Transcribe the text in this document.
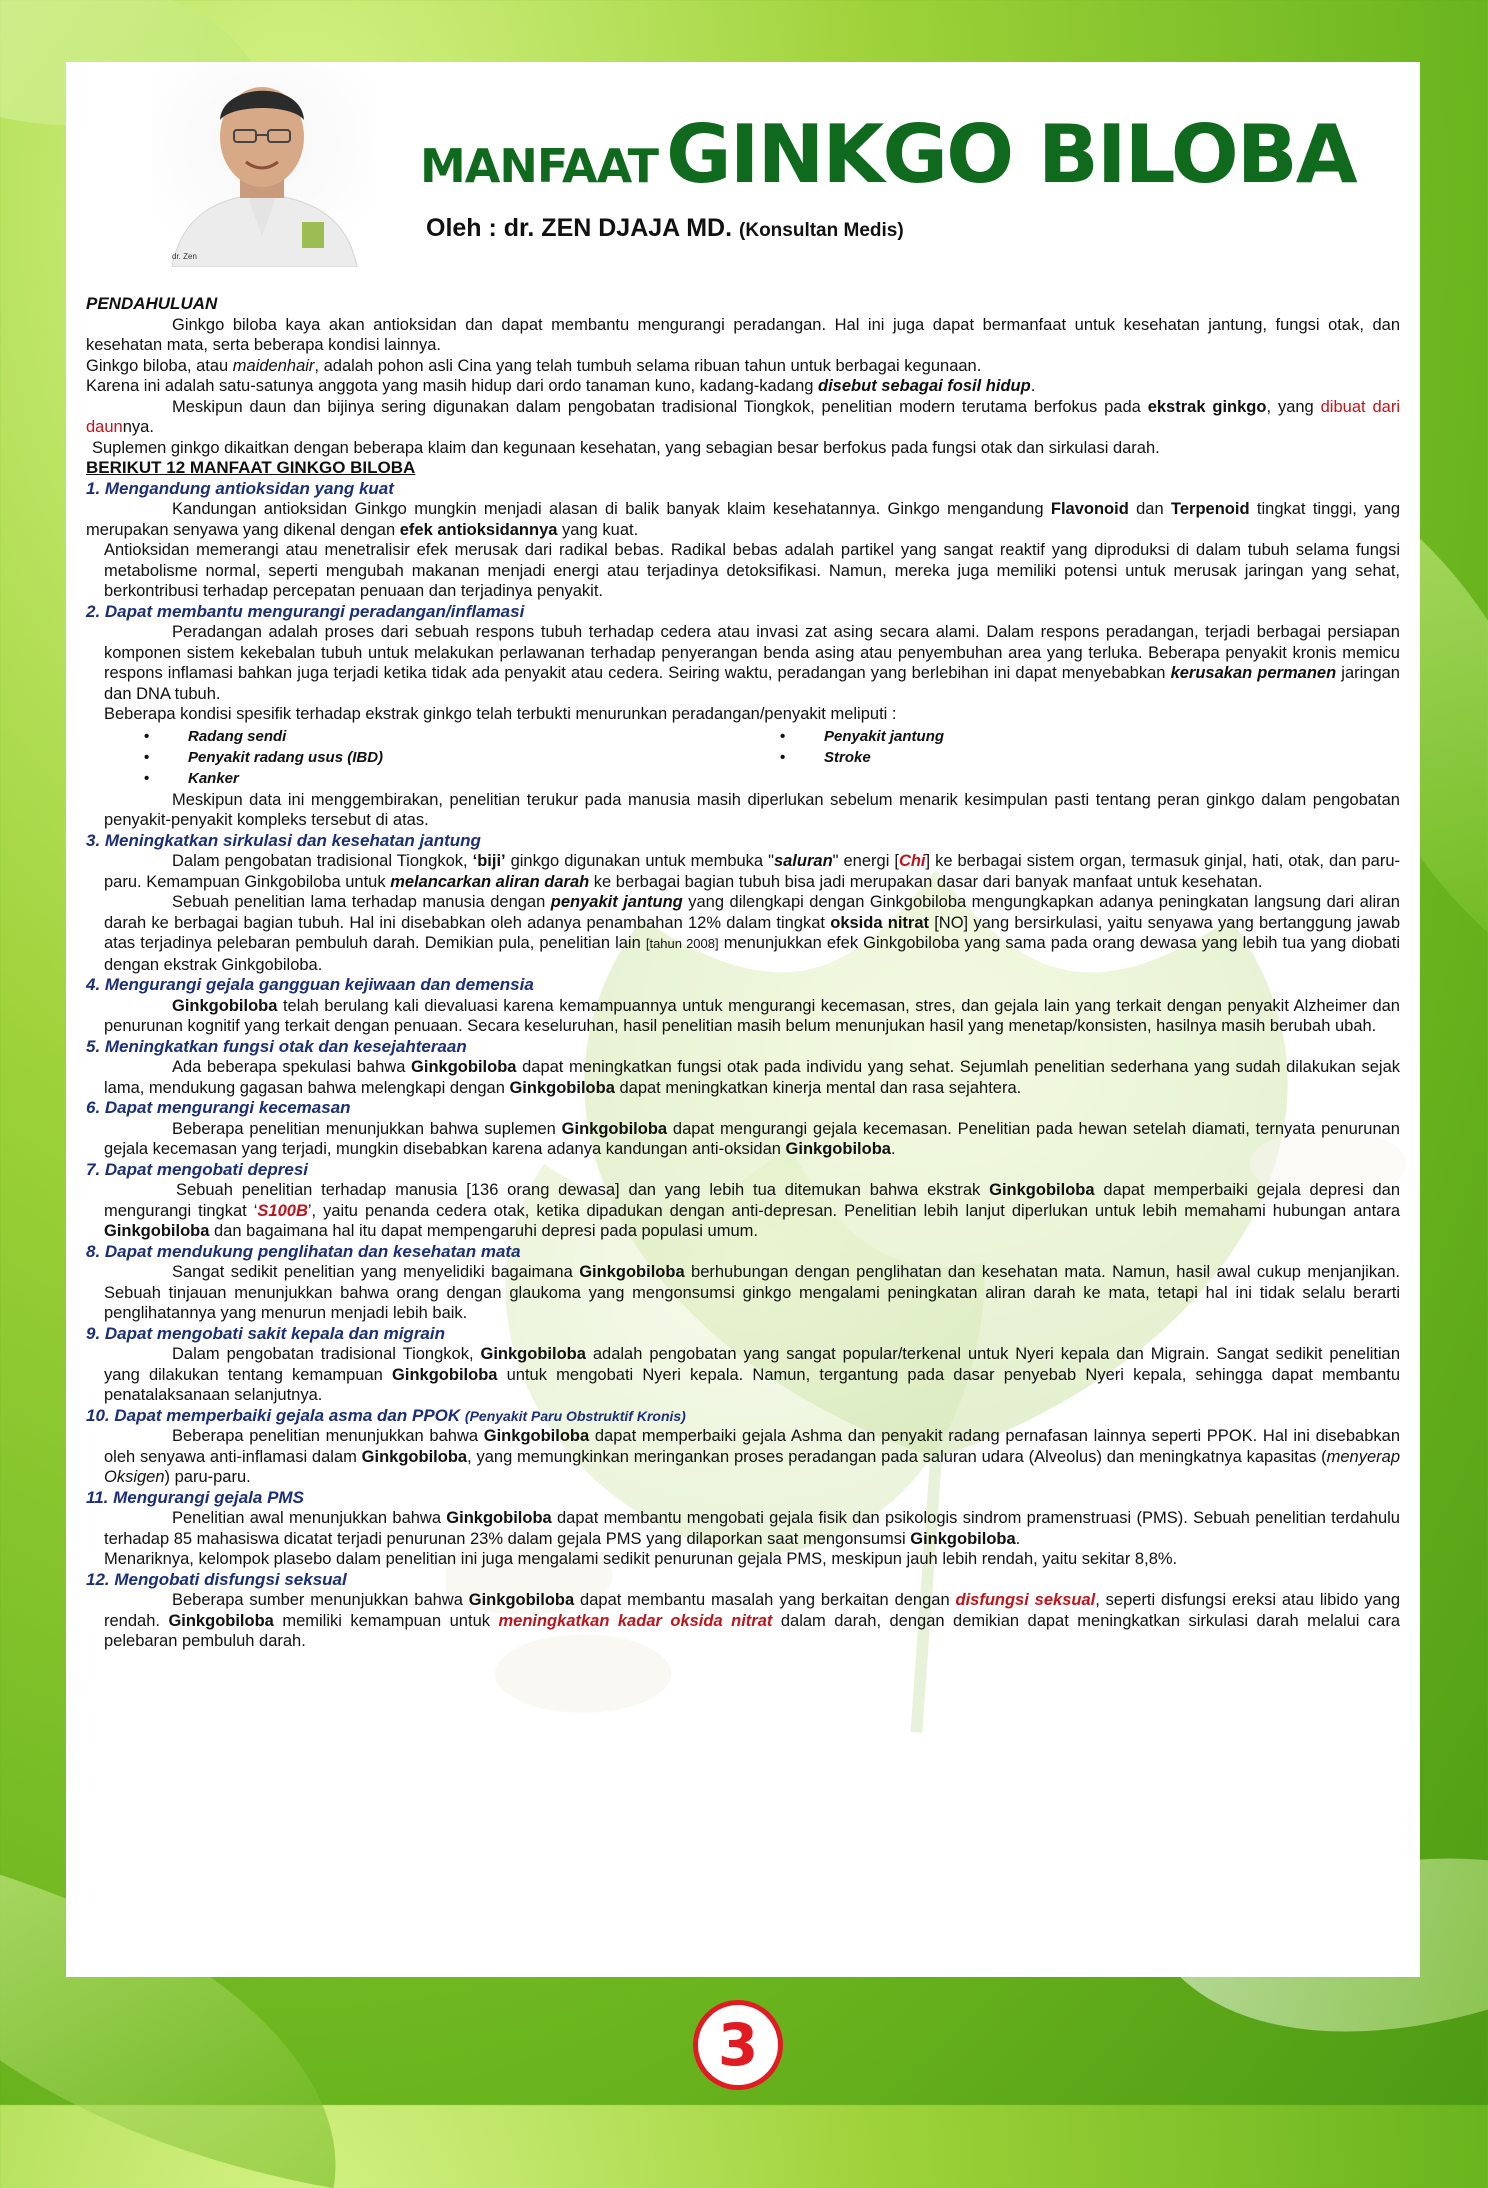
dr. Zen
MANFAAT GINKGO BILOBA
Oleh : dr. ZEN DJAJA MD. (Konsultan Medis)

PENDAHULUAN

Ginkgo biloba kaya akan antioksidan dan dapat membantu mengurangi peradangan. Hal ini juga dapat bermanfaat untuk kesehatan jantung, fungsi otak, dan kesehatan mata, serta beberapa kondisi lainnya.

Ginkgo biloba, atau maidenhair, adalah pohon asli Cina yang telah tumbuh selama ribuan tahun untuk berbagai kegunaan.

Karena ini adalah satu-satunya anggota yang masih hidup dari ordo tanaman kuno, kadang-kadang disebut sebagai fosil hidup.

Meskipun daun dan bijinya sering digunakan dalam pengobatan tradisional Tiongkok, penelitian modern terutama berfokus pada ekstrak ginkgo, yang dibuat dari daunnya.

Suplemen ginkgo dikaitkan dengan beberapa klaim dan kegunaan kesehatan, yang sebagian besar berfokus pada fungsi otak dan sirkulasi darah.

BERIKUT 12 MANFAAT GINKGO BILOBA

1. Mengandung antioksidan yang kuat

Kandungan antioksidan Ginkgo mungkin menjadi alasan di balik banyak klaim kesehatannya. Ginkgo mengandung Flavonoid dan Terpenoid tingkat tinggi, yang merupakan senyawa yang dikenal dengan efek antioksidannya yang kuat.

Antioksidan memerangi atau menetralisir efek merusak dari radikal bebas. Radikal bebas adalah partikel yang sangat reaktif yang diproduksi di dalam tubuh selama fungsi metabolisme normal, seperti mengubah makanan menjadi energi atau terjadinya detoksifikasi. Namun, mereka juga memiliki potensi untuk merusak jaringan yang sehat, berkontribusi terhadap percepatan penuaan dan terjadinya penyakit.

2. Dapat membantu mengurangi peradangan/inflamasi

Peradangan adalah proses dari sebuah respons tubuh terhadap cedera atau invasi zat asing secara alami. Dalam respons peradangan, terjadi berbagai persiapan komponen sistem kekebalan tubuh untuk melakukan perlawanan terhadap penyerangan benda asing atau penyembuhan area yang terluka. Beberapa penyakit kronis memicu respons inflamasi bahkan juga terjadi ketika tidak ada penyakit atau cedera. Seiring waktu, peradangan yang berlebihan ini dapat menyebabkan kerusakan permanen jaringan dan DNA tubuh.

Beberapa kondisi spesifik terhadap ekstrak ginkgo telah terbukti menurunkan peradangan/penyakit meliputi :

• Radang sendi
• Penyakit radang usus (IBD)
• Kanker
• Penyakit jantung
• Stroke

Meskipun data ini menggembirakan, penelitian terukur pada manusia masih diperlukan sebelum menarik kesimpulan pasti tentang peran ginkgo dalam pengobatan penyakit-penyakit kompleks tersebut di atas.

3. Meningkatkan sirkulasi dan kesehatan jantung

Dalam pengobatan tradisional Tiongkok, ‘biji’ ginkgo digunakan untuk membuka "saluran" energi [Chi] ke berbagai sistem organ, termasuk ginjal, hati, otak, dan paru-paru. Kemampuan Ginkgobiloba untuk melancarkan aliran darah ke berbagai bagian tubuh bisa jadi merupakan dasar dari banyak manfaat untuk kesehatan.

Sebuah penelitian lama terhadap manusia dengan penyakit jantung yang dilengkapi dengan Ginkgobiloba mengungkapkan adanya peningkatan langsung dari aliran darah ke berbagai bagian tubuh. Hal ini disebabkan oleh adanya penambahan 12% dalam tingkat oksida nitrat [NO] yang bersirkulasi, yaitu senyawa yang bertanggung jawab atas terjadinya pelebaran pembuluh darah. Demikian pula, penelitian lain [tahun 2008] menunjukkan efek Ginkgobiloba yang sama pada orang dewasa yang lebih tua yang diobati dengan ekstrak Ginkgobiloba.

4. Mengurangi gejala gangguan kejiwaan dan demensia

Ginkgobiloba telah berulang kali dievaluasi karena kemampuannya untuk mengurangi kecemasan, stres, dan gejala lain yang terkait dengan penyakit Alzheimer dan penurunan kognitif yang terkait dengan penuaan. Secara keseluruhan, hasil penelitian masih belum menunjukan hasil yang menetap/konsisten, hasilnya masih berubah ubah.

5. Meningkatkan fungsi otak dan kesejahteraan

Ada beberapa spekulasi bahwa Ginkgobiloba dapat meningkatkan fungsi otak pada individu yang sehat. Sejumlah penelitian sederhana yang sudah dilakukan sejak lama, mendukung gagasan bahwa melengkapi dengan Ginkgobiloba dapat meningkatkan kinerja mental dan rasa sejahtera.

6. Dapat mengurangi kecemasan

Beberapa penelitian menunjukkan bahwa suplemen Ginkgobiloba dapat mengurangi gejala kecemasan. Penelitian pada hewan setelah diamati, ternyata penurunan gejala kecemasan yang terjadi, mungkin disebabkan karena adanya kandungan anti-oksidan Ginkgobiloba.

7. Dapat mengobati depresi

Sebuah penelitian terhadap manusia [136 orang dewasa] dan yang lebih tua ditemukan bahwa ekstrak Ginkgobiloba dapat memperbaiki gejala depresi dan mengurangi tingkat ‘S100B’, yaitu penanda cedera otak, ketika dipadukan dengan anti-depresan. Penelitian lebih lanjut diperlukan untuk lebih memahami hubungan antara Ginkgobiloba dan bagaimana hal itu dapat mempengaruhi depresi pada populasi umum.

8. Dapat mendukung penglihatan dan kesehatan mata

Sangat sedikit penelitian yang menyelidiki bagaimana Ginkgobiloba berhubungan dengan penglihatan dan kesehatan mata. Namun, hasil awal cukup menjanjikan. Sebuah tinjauan menunjukkan bahwa orang dengan glaukoma yang mengonsumsi ginkgo mengalami peningkatan aliran darah ke mata, tetapi hal ini tidak selalu berarti penglihatannya yang menurun menjadi lebih baik.

9. Dapat mengobati sakit kepala dan migrain

Dalam pengobatan tradisional Tiongkok, Ginkgobiloba adalah pengobatan yang sangat popular/terkenal untuk Nyeri kepala dan Migrain. Sangat sedikit penelitian yang dilakukan tentang kemampuan Ginkgobiloba untuk mengobati Nyeri kepala. Namun, tergantung pada dasar penyebab Nyeri kepala, sehingga dapat membantu penatalaksanaan selanjutnya.

10. Dapat memperbaiki gejala asma dan PPOK (Penyakit Paru Obstruktif Kronis)

Beberapa penelitian menunjukkan bahwa Ginkgobiloba dapat memperbaiki gejala Ashma dan penyakit radang pernafasan lainnya seperti PPOK. Hal ini disebabkan oleh senyawa anti-inflamasi dalam Ginkgobiloba, yang memungkinkan meringankan proses peradangan pada saluran udara (Alveolus) dan meningkatnya kapasitas (menyerap Oksigen) paru-paru.

11. Mengurangi gejala PMS

Penelitian awal menunjukkan bahwa Ginkgobiloba dapat membantu mengobati gejala fisik dan psikologis sindrom pramenstruasi (PMS). Sebuah penelitian terdahulu terhadap 85 mahasiswa dicatat terjadi penurunan 23% dalam gejala PMS yang dilaporkan saat mengonsumsi Ginkgobiloba.

Menariknya, kelompok plasebo dalam penelitian ini juga mengalami sedikit penurunan gejala PMS, meskipun jauh lebih rendah, yaitu sekitar 8,8%.

12. Mengobati disfungsi seksual

Beberapa sumber menunjukkan bahwa Ginkgobiloba dapat membantu masalah yang berkaitan dengan disfungsi seksual, seperti disfungsi ereksi atau libido yang rendah. Ginkgobiloba memiliki kemampuan untuk meningkatkan kadar oksida nitrat dalam darah, dengan demikian dapat meningkatkan sirkulasi darah melalui cara pelebaran pembuluh darah.

3
